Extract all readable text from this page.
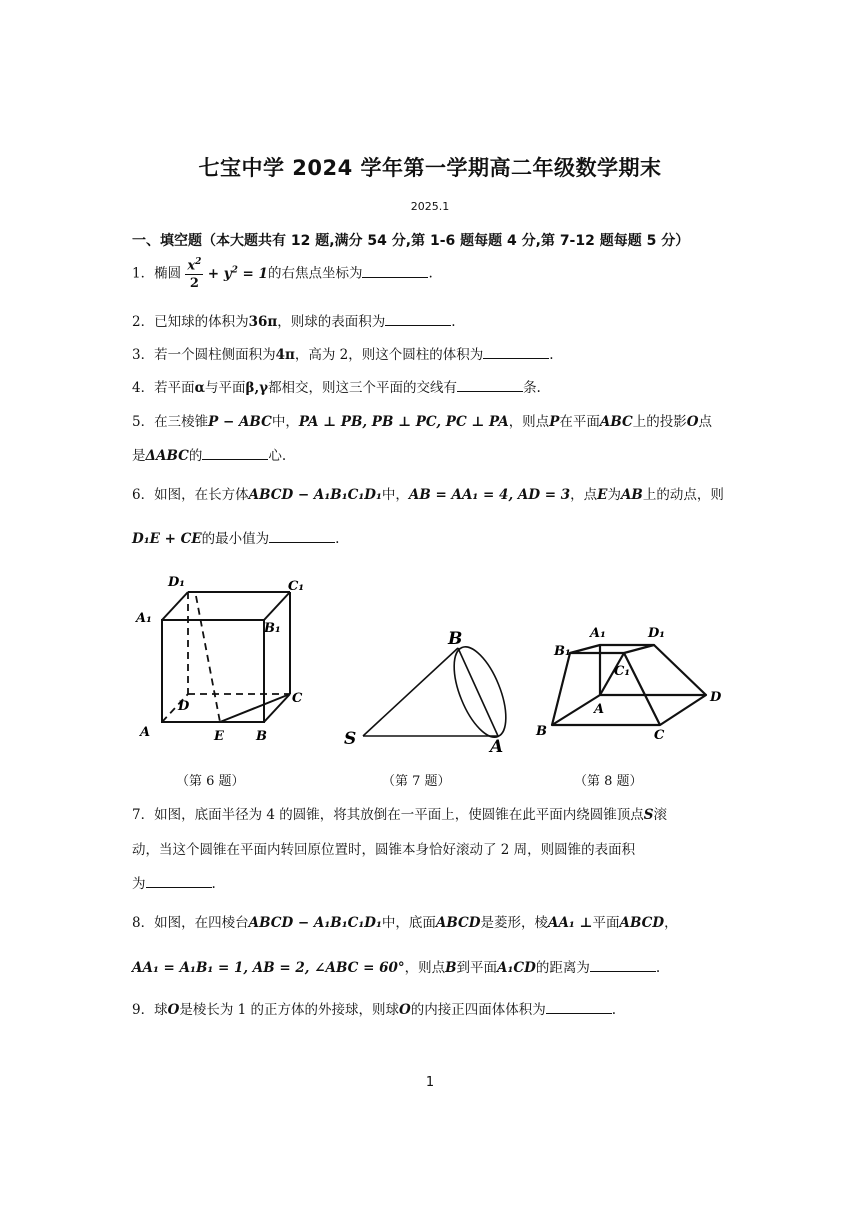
七宝中学 2024 学年第一学期高二年级数学期末
2025.1
一、填空题（本大题共有 12 题,满分 54 分,第 1-6 题每题 4 分,第 7-12 题每题 5 分）
1．椭圆 $\frac{x^2}{2} + y^2 = 1$的右焦点坐标为	.
2．已知球的体积为36π，则球的表面积为	.
3．若一个圆柱侧面积为4π，高为 2，则这个圆柱的体积为	.
4．若平面α与平面β,γ都相交，则这三个平面的交线有	条.
5．在三棱锥P − ABC中，PA ⊥ PB, PB ⊥ PC, PC ⊥ PA，则点P在平面ABC上的投影O点
是ΔABC的	心.
6．如图，在长方体ABCD − A₁B₁C₁D₁中，AB = AA₁ = 4, AD = 3，点E为AB上的动点，则
D₁E + CE的最小值为	.
D₁	C₁
A₁
B₁
D
C
A	E B
B
S	A
A₁	D₁
B₁
C₁
A
D
B	C
（第 6 题）	（第 7 题）	（第 8 题）
7．如图，底面半径为 4 的圆锥，将其放倒在一平面上，使圆锥在此平面内绕圆锥顶点S滚
动，当这个圆锥在平面内转回原位置时，圆锥本身恰好滚动了 2 周，则圆锥的表面积
为	.
8．如图，在四棱台ABCD − A₁B₁C₁D₁中，底面ABCD是菱形，棱AA₁ ⊥平面ABCD，
AA₁ = A₁B₁ = 1, AB = 2, ∠ABC = 60°，则点B到平面A₁CD的距离为	.
9．球O是棱长为 1 的正方体的外接球，则球O的内接正四面体体积为	.
1
